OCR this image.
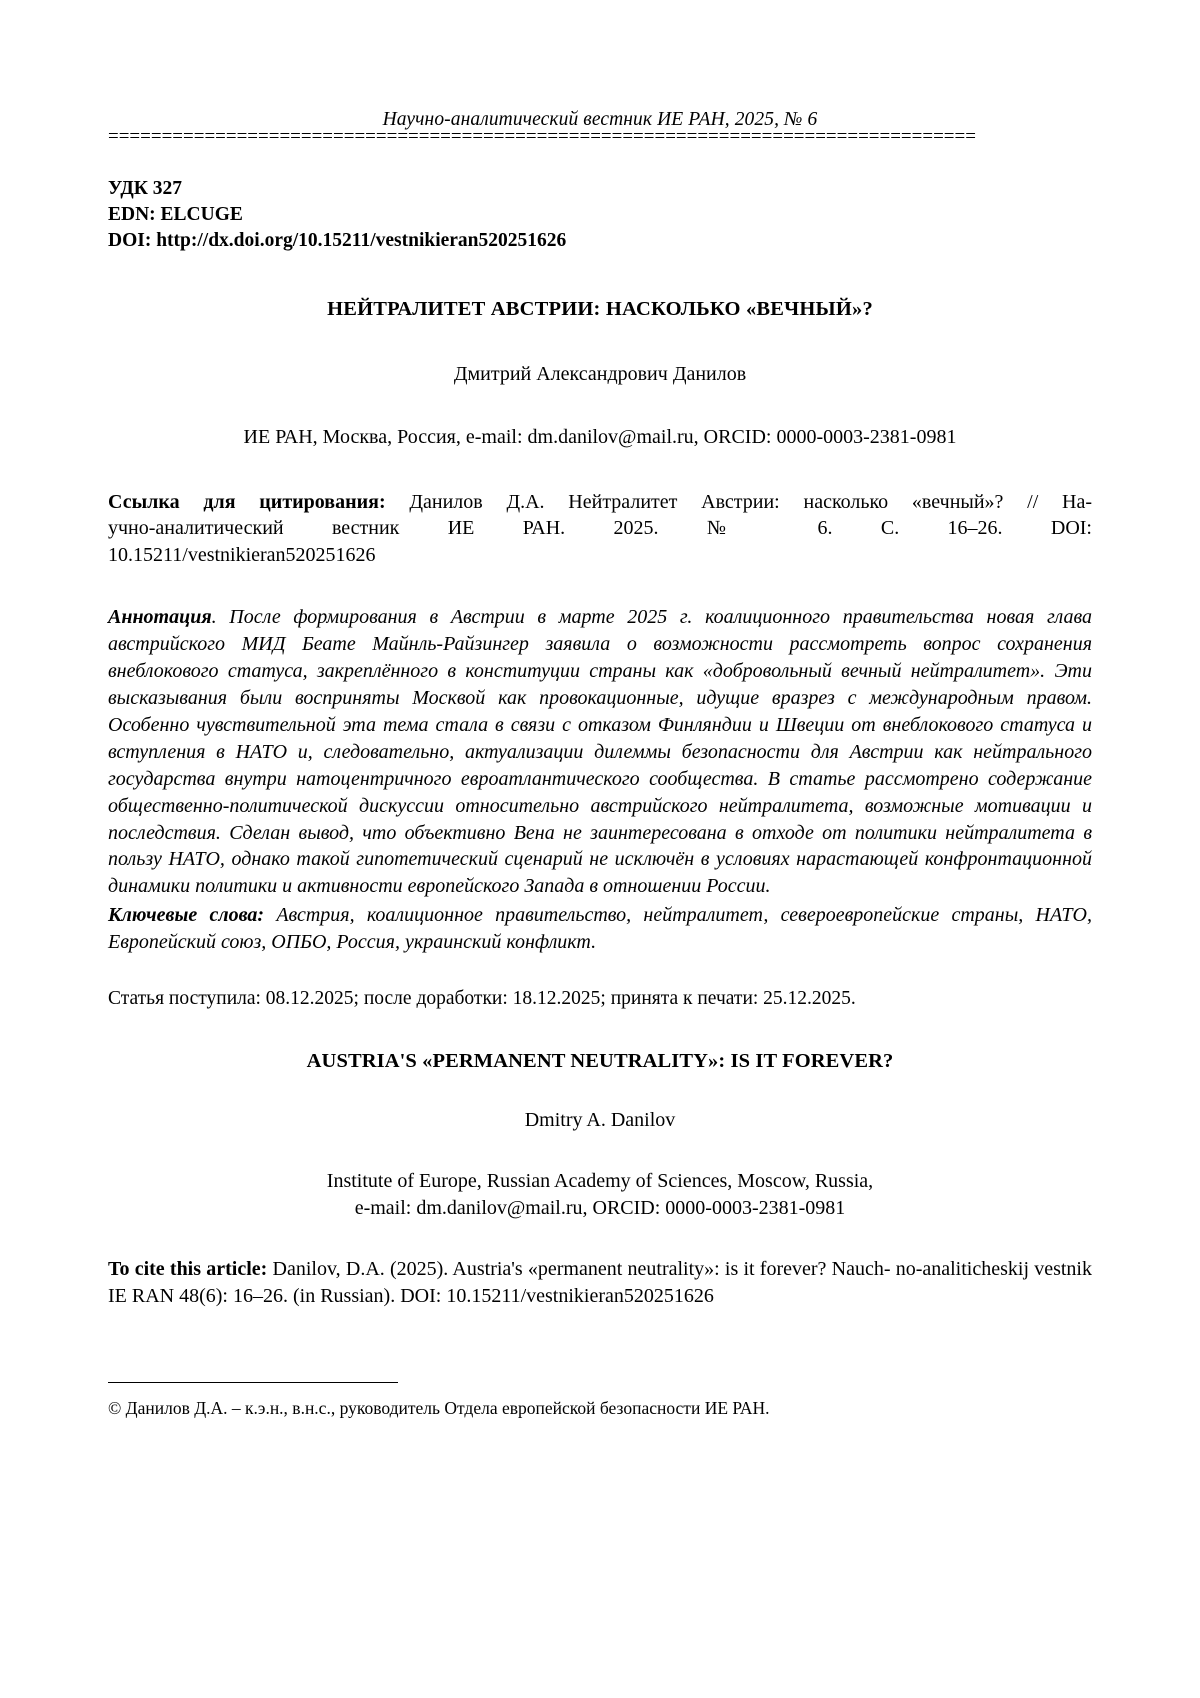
Научно-аналитический вестник ИЕ РАН, 2025, № 6
=================================================================================
УДК 327
EDN: ELCUGE
DOI: http://dx.doi.org/10.15211/vestnikieran520251626
НЕЙТРАЛИТЕТ АВСТРИИ: НАСКОЛЬКО «ВЕЧНЫЙ»?
Дмитрий Александрович Данилов
ИЕ РАН, Москва, Россия, e-mail: dm.danilov@mail.ru, ORCID: 0000-0003-2381-0981
Ссылка для цитирования: Данилов Д.А. Нейтралитет Австрии: насколько «вечный»? // На-
учно-аналитический вестник ИЕ РАН. 2025. № 6. С. 16–26. DOI:
10.15211/vestnikieran520251626
Аннотация. После формирования в Австрии в марте 2025 г. коалиционного правительства новая глава австрийского МИД Беате Майнль-Райзингер заявила о возможности рассмотреть вопрос сохранения внеблокового статуса, закреплённого в конституции страны как «добровольный вечный нейтралитет». Эти высказывания были восприняты Москвой как провокационные, идущие вразрез с международным правом. Особенно чувствительной эта тема стала в связи с отказом Финляндии и Швеции от внеблокового статуса и вступления в НАТО и, следовательно, актуализации дилеммы безопасности для Австрии как нейтрального государства внутри натоцентричного евроатлантического сообщества. В статье рассмотрено содержание общественно-политической дискуссии относительно австрийского нейтралитета, возможные мотивации и последствия. Сделан вывод, что объективно Вена не заинтересована в отходе от политики нейтралитета в пользу НАТО, однако такой гипотетический сценарий не исключён в условиях нарастающей конфронтационной динамики политики и активности европейского Запада в отношении России.
Ключевые слова: Австрия, коалиционное правительство, нейтралитет, североевропейские страны, НАТО, Европейский союз, ОПБО, Россия, украинский конфликт.
Статья поступила: 08.12.2025; после доработки: 18.12.2025; принята к печати: 25.12.2025.
AUSTRIA'S «PERMANENT NEUTRALITY»: IS IT FOREVER?
Dmitry A. Danilov
Institute of Europe, Russian Academy of Sciences, Moscow, Russia,
e-mail: dm.danilov@mail.ru, ORCID: 0000-0003-2381-0981
To cite this article: Danilov, D.A. (2025). Austria's «permanent neutrality»: is it forever? Nauch- no-analiticheskij vestnik IE RAN 48(6): 16–26. (in Russian). DOI: 10.15211/vestnikieran520251626
© Данилов Д.А. – к.э.н., в.н.с., руководитель Отдела европейской безопасности ИЕ РАН.
